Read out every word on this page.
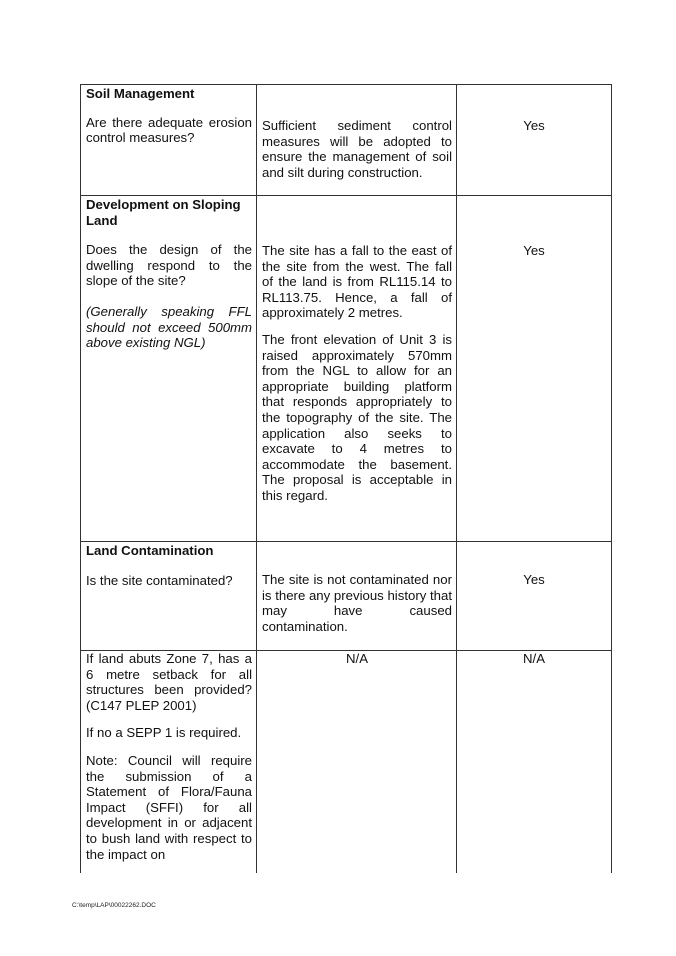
Soil Management
Are there adequate erosion control measures?
Sufficient sediment control measures will be adopted to ensure the management of soil and silt during construction.
Yes
Development on Sloping Land
Does the design of the dwelling respond to the slope of the site?
(Generally speaking FFL should not exceed 500mm above existing NGL)
The site has a fall to the east of the site from the west. The fall of the land is from RL115.14 to RL113.75. Hence, a fall of approximately 2 metres.
The front elevation of Unit 3 is raised approximately 570mm from the NGL to allow for an appropriate building platform that responds appropriately to the topography of the site. The application also seeks to excavate to 4 metres to accommodate the basement. The proposal is acceptable in this regard.
Yes
Land Contamination
Is the site contaminated?	The site is not contaminated nor is there any previous history that may have caused contamination.
Yes
If land abuts Zone 7, has a 6 metre setback for all structures been provided? (C147 PLEP 2001)
If no a SEPP 1 is required.
Note: Council will require the submission of a Statement of Flora/Fauna Impact (SFFI) for all development in or adjacent to bush land with respect to the impact on
N/A	N/A
C:\temp\LAP\00022262.DOC
